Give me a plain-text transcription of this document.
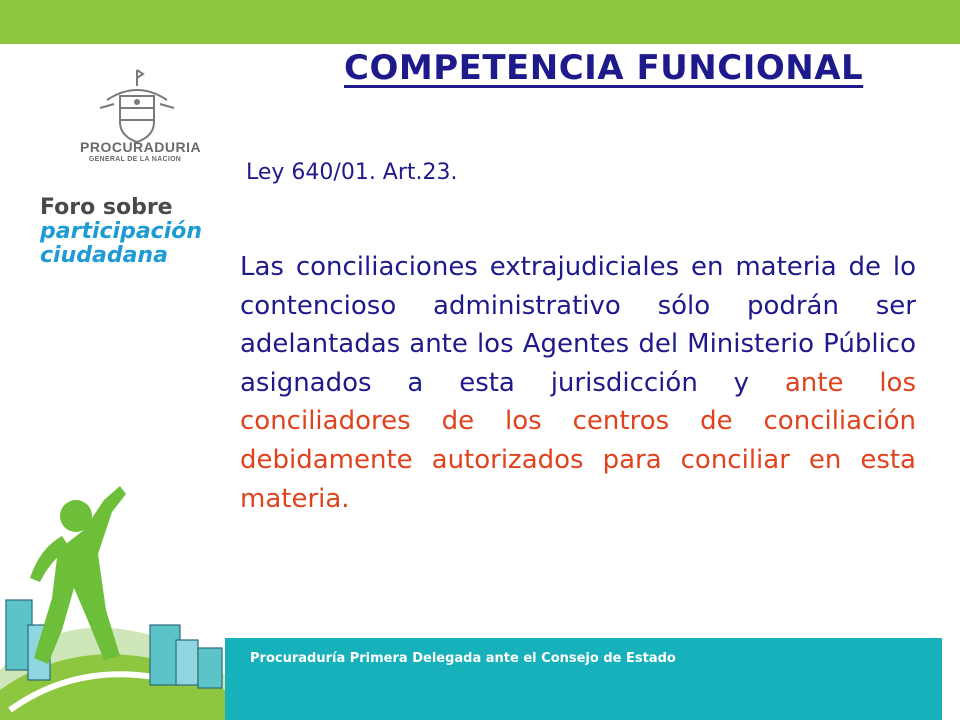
COMPETENCIA FUNCIONAL
PROCURADURIA
GENERAL DE LA NACION
Foro sobre
participación
ciudadana
Ley 640/01. Art.23.

Las conciliaciones extrajudiciales en materia de lo contencioso administrativo sólo podrán ser adelantadas ante los Agentes del Ministerio Público asignados a esta jurisdicción y ante los conciliadores de los centros de conciliación debidamente autorizados para conciliar en esta materia.

Procuraduría Primera Delegada ante el Consejo de Estado
